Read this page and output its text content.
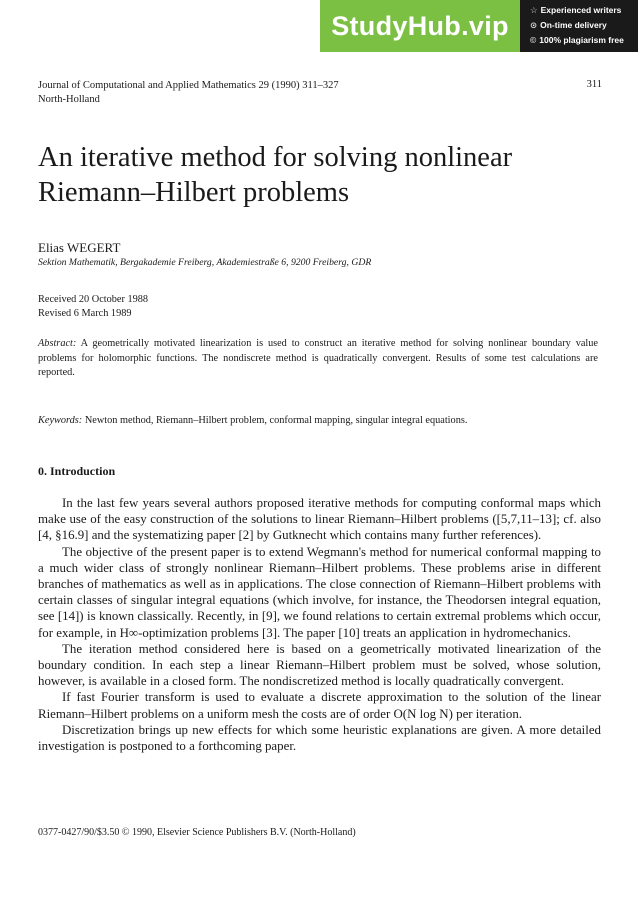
StudyHub.vip
☆ Experienced writers
⊙ On-time delivery
© 100% plagiarism free
Journal of Computational and Applied Mathematics 29 (1990) 311–327
North-Holland
311
An iterative method for solving nonlinear
Riemann–Hilbert problems
Elias WEGERT
Sektion Mathematik, Bergakademie Freiberg, Akademiestraße 6, 9200 Freiberg, GDR
Received 20 October 1988
Revised 6 March 1989

Abstract: A geometrically motivated linearization is used to construct an iterative method for solving nonlinear boundary value problems for holomorphic functions. The nondiscrete method is quadratically convergent. Results of some test calculations are reported.

Keywords: Newton method, Riemann–Hilbert problem, conformal mapping, singular integral equations.
0. Introduction

In the last few years several authors proposed iterative methods for computing conformal maps which make use of the easy construction of the solutions to linear Riemann–Hilbert problems ([5,7,11–13]; cf. also [4, §16.9] and the systematizing paper [2] by Gutknecht which contains many further references).

The objective of the present paper is to extend Wegmann's method for numerical conformal mapping to a much wider class of strongly nonlinear Riemann–Hilbert problems. These problems arise in different branches of mathematics as well as in applications. The close connection of Riemann–Hilbert problems with certain classes of singular integral equations (which involve, for instance, the Theodorsen integral equation, see [14]) is known classically. Recently, in [9], we found relations to certain extremal problems which occur, for example, in H∞-optimization problems [3]. The paper [10] treats an application in hydromechanics.

The iteration method considered here is based on a geometrically motivated linearization of the boundary condition. In each step a linear Riemann–Hilbert problem must be solved, whose solution, however, is available in a closed form. The nondiscretized method is locally quadratically convergent.

If fast Fourier transform is used to evaluate a discrete approximation to the solution of the linear Riemann–Hilbert problems on a uniform mesh the costs are of order O(N log N) per iteration.

Discretization brings up new effects for which some heuristic explanations are given. A more detailed investigation is postponed to a forthcoming paper.

0377-0427/90/$3.50 © 1990, Elsevier Science Publishers B.V. (North-Holland)
